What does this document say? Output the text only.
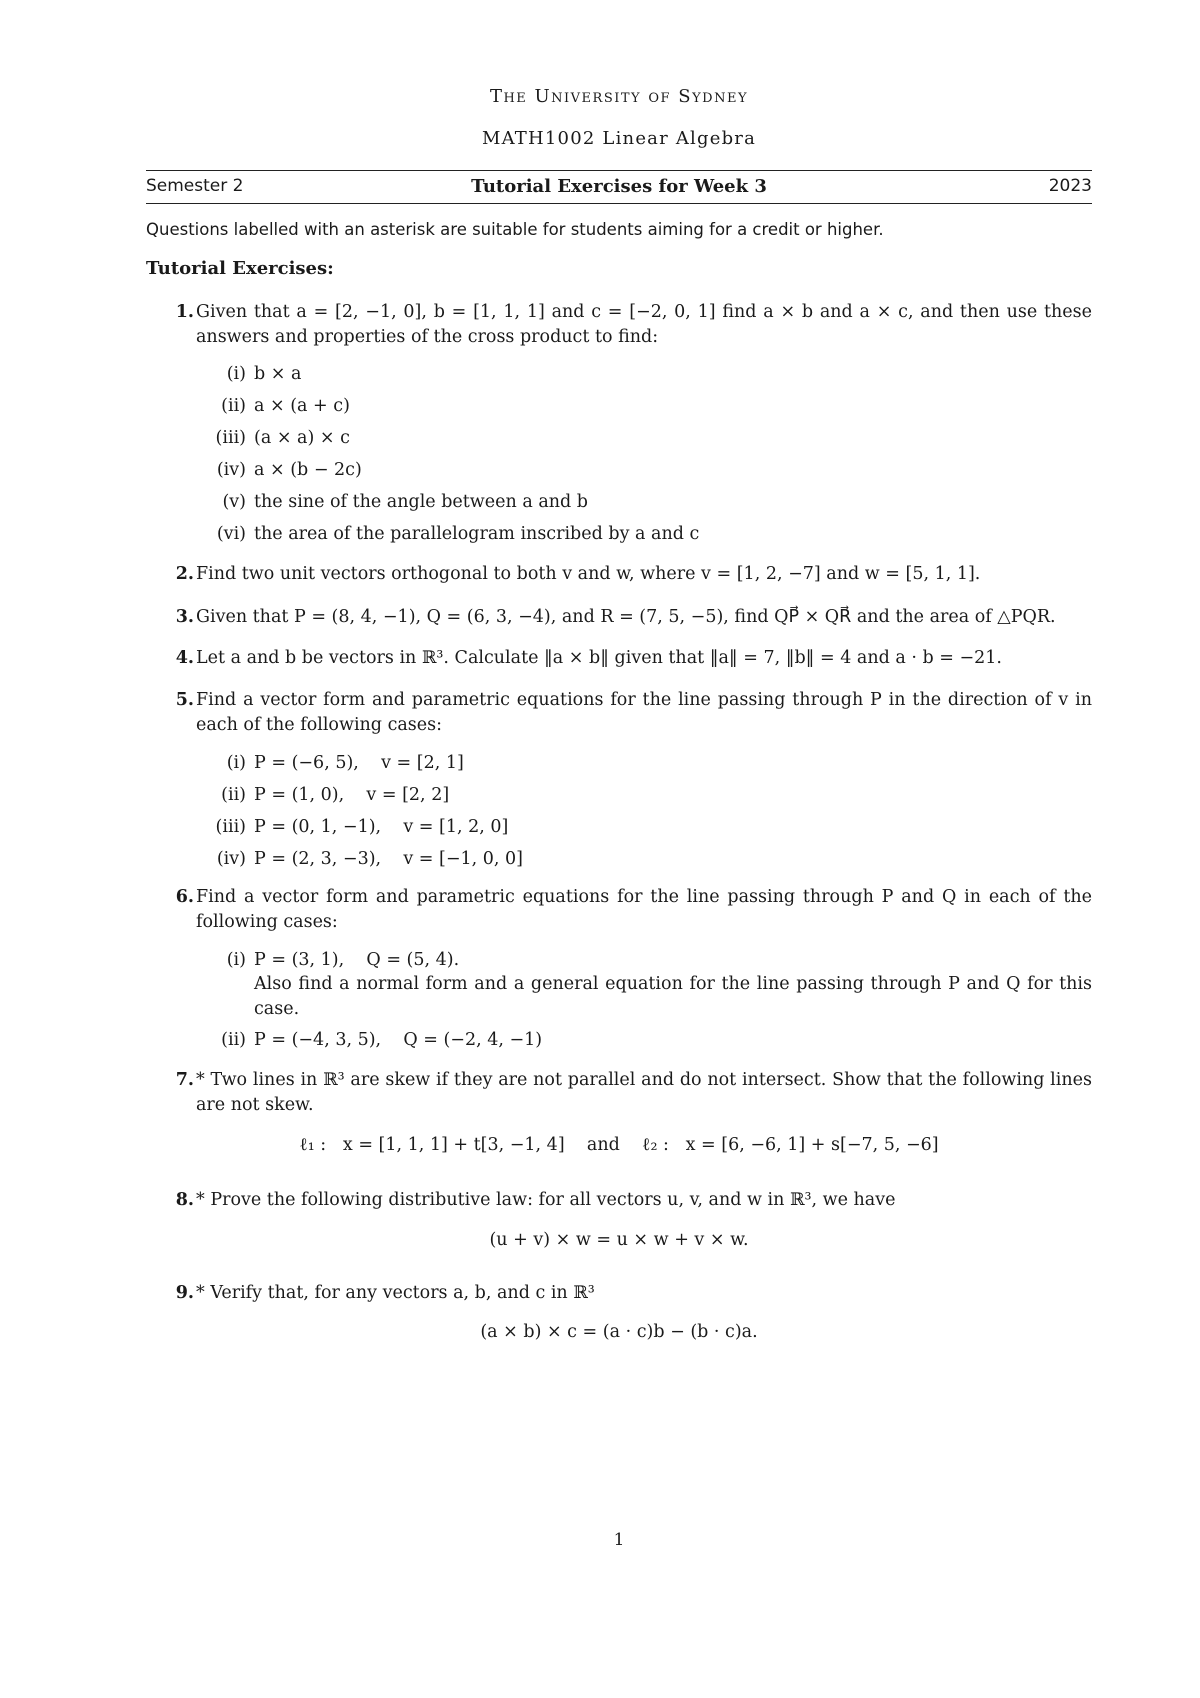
The University of Sydney
MATH1002 Linear Algebra
Semester 2	Tutorial Exercises for Week 3	2023
Questions labelled with an asterisk are suitable for students aiming for a credit or higher.
Tutorial Exercises:
1. Given that a = [2, −1, 0], b = [1, 1, 1] and c = [−2, 0, 1] find a × b and a × c, and then use these answers and properties of the cross product to find:
(i) b × a
(ii) a × (a + c)
(iii) (a × a) × c
(iv) a × (b − 2c)
(v) the sine of the angle between a and b
(vi) the area of the parallelogram inscribed by a and c
2. Find two unit vectors orthogonal to both v and w, where v = [1, 2, −7] and w = [5, 1, 1].
3. Given that P = (8, 4, −1), Q = (6, 3, −4), and R = (7, 5, −5), find QP⃗ × QR⃗ and the area of △PQR.
4. Let a and b be vectors in ℝ³. Calculate ‖a × b‖ given that ‖a‖ = 7, ‖b‖ = 4 and a · b = −21.
5. Find a vector form and parametric equations for the line passing through P in the direction of v in each of the following cases:
(i) P = (−6, 5),    v = [2, 1]
(ii) P = (1, 0),    v = [2, 2]
(iii) P = (0, 1, −1),    v = [1, 2, 0]
(iv) P = (2, 3, −3),    v = [−1, 0, 0]
6. Find a vector form and parametric equations for the line passing through P and Q in each of the following cases:
(i) P = (3, 1),    Q = (5, 4).
Also find a normal form and a general equation for the line passing through P and Q for this case.
(ii) P = (−4, 3, 5),    Q = (−2, 4, −1)
7. * Two lines in ℝ³ are skew if they are not parallel and do not intersect. Show that the following lines are not skew.
ℓ₁ :   x = [1, 1, 1] + t[3, −1, 4]    and    ℓ₂ :   x = [6, −6, 1] + s[−7, 5, −6]
8. * Prove the following distributive law: for all vectors u, v, and w in ℝ³, we have
(u + v) × w = u × w + v × w.
9. * Verify that, for any vectors a, b, and c in ℝ³
(a × b) × c = (a · c)b − (b · c)a.
1
